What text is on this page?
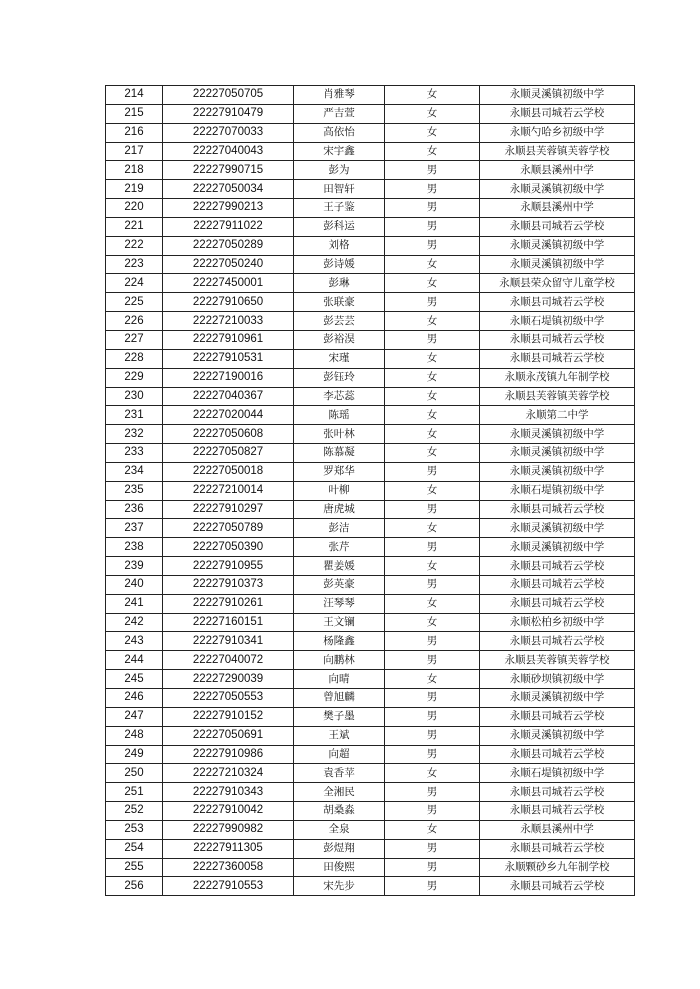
214	22227050705	肖雅琴	女	永顺灵溪镇初级中学
215	22227910479	严吉萱	女	永顺县司城若云学校
216	22227070033	高依怡	女	永顺勺哈乡初级中学
217	22227040043	宋宇鑫	女	永顺县芙蓉镇芙蓉学校
218	22227990715	彭为	男	永顺县溪州中学
219	22227050034	田智轩	男	永顺灵溪镇初级中学
220	22227990213	王子鉴	男	永顺县溪州中学
221	22227911022	彭科运	男	永顺县司城若云学校
222	22227050289	刘格	男	永顺灵溪镇初级中学
223	22227050240	彭诗媛	女	永顺灵溪镇初级中学
224	22227450001	彭琳	女	永顺县荣众留守儿童学校
225	22227910650	张联豪	男	永顺县司城若云学校
226	22227210033	彭芸芸	女	永顺石堤镇初级中学
227	22227910961	彭裕淏	男	永顺县司城若云学校
228	22227910531	宋瑾	女	永顺县司城若云学校
229	22227190016	彭钰玲	女	永顺永茂镇九年制学校
230	22227040367	李芯蕊	女	永顺县芙蓉镇芙蓉学校
231	22227020044	陈瑶	女	永顺第二中学
232	22227050608	张叶林	女	永顺灵溪镇初级中学
233	22227050827	陈慕凝	女	永顺灵溪镇初级中学
234	22227050018	罗郑华	男	永顺灵溪镇初级中学
235	22227210014	叶柳	女	永顺石堤镇初级中学
236	22227910297	唐虎城	男	永顺县司城若云学校
237	22227050789	彭洁	女	永顺灵溪镇初级中学
238	22227050390	张芹	男	永顺灵溪镇初级中学
239	22227910955	瞿姜媛	女	永顺县司城若云学校
240	22227910373	彭英豪	男	永顺县司城若云学校
241	22227910261	汪琴琴	女	永顺县司城若云学校
242	22227160151	王文镧	女	永顺松柏乡初级中学
243	22227910341	杨隆鑫	男	永顺县司城若云学校
244	22227040072	向鹏林	男	永顺县芙蓉镇芙蓉学校
245	22227290039	向晴	女	永顺砂坝镇初级中学
246	22227050553	曾旭麟	男	永顺灵溪镇初级中学
247	22227910152	樊子墨	男	永顺县司城若云学校
248	22227050691	王斌	男	永顺灵溪镇初级中学
249	22227910986	向超	男	永顺县司城若云学校
250	22227210324	袁香苹	女	永顺石堤镇初级中学
251	22227910343	全湘民	男	永顺县司城若云学校
252	22227910042	胡桑淼	男	永顺县司城若云学校
253	22227990982	全泉	女	永顺县溪州中学
254	22227911305	彭煜翔	男	永顺县司城若云学校
255	22227360058	田俊熙	男	永顺颗砂乡九年制学校
256	22227910553	宋先步	男	永顺县司城若云学校
